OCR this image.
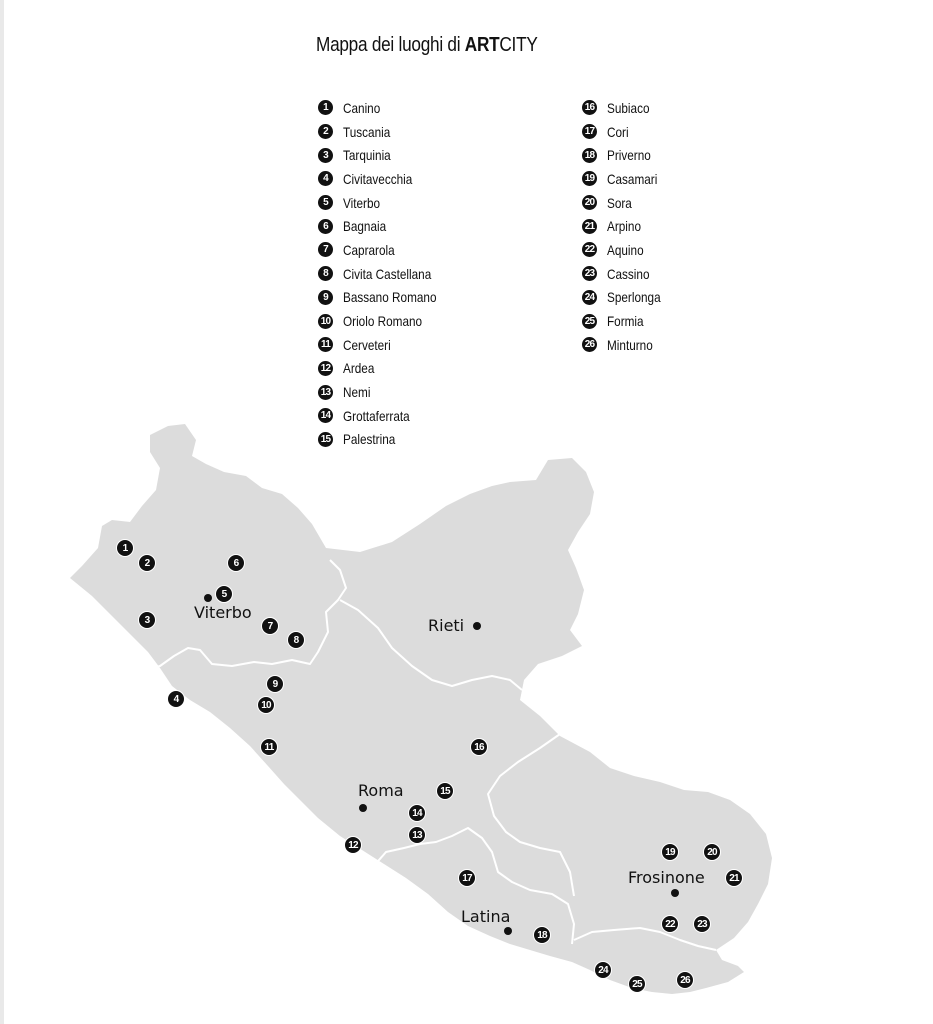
Mappa dei luoghi di ARTCITY
1	Canino
2	Tuscania
3	Tarquinia
4	Civitavecchia
5	Viterbo
6	Bagnaia
7	Caprarola
8	Civita Castellana
9	Bassano Romano
10 Oriolo Romano
11 Cerveteri
12 Ardea
13 Nemi
14 Grottaferrata
15 Palestrina
16 Subiaco
17 Cori
18 Priverno
19 Casamari
20 Sora
21 Arpino
22 Aquino
23 Cassino
24 Sperlonga
25 Formia
26 Minturno
1
2
3
4
5
6
7
8
9
10
11
12
13
14
15
16
17
18
19	20
21
22	23
24
25	26
Viterbo
Rieti
Roma
Frosinone
Latina
